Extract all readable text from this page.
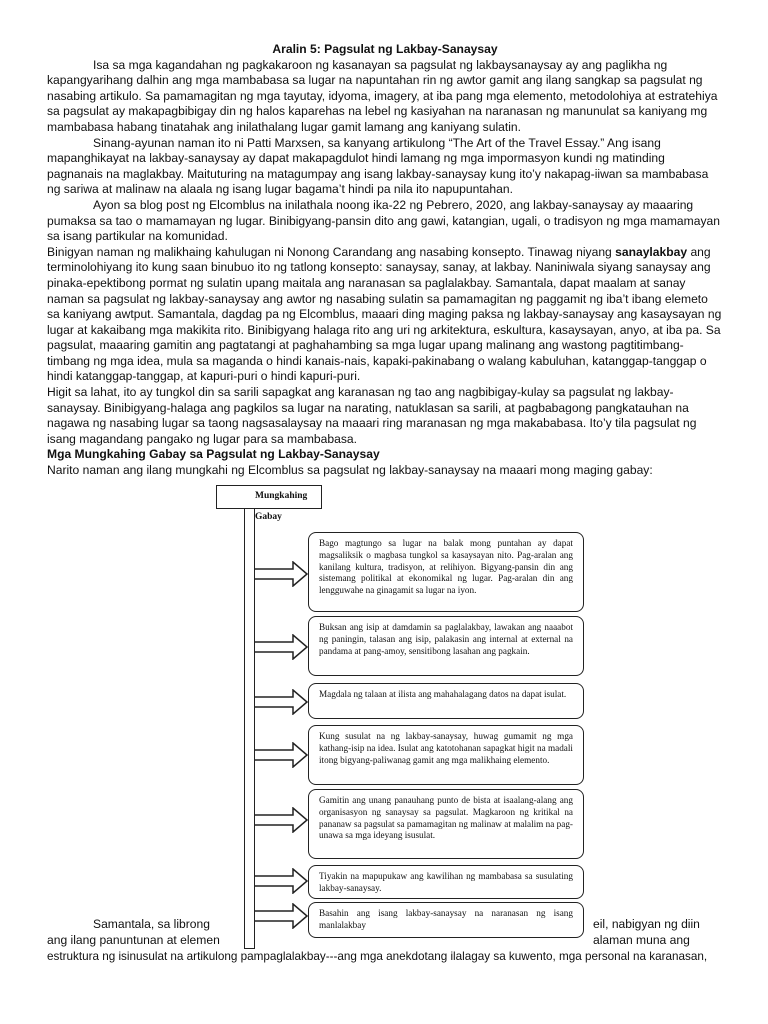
Aralin 5: Pagsulat ng Lakbay-Sanaysay

Isa sa mga kagandahan ng pagkakaroon ng kasanayan sa pagsulat ng lakbaysanaysay ay ang paglikha ng kapangyarihang dalhin ang mga mambabasa sa lugar na napuntahan rin ng awtor gamit ang ilang sangkap sa pagsulat ng nasabing artikulo. Sa pamamagitan ng mga tayutay, idyoma, imagery, at iba pang mga elemento, metodolohiya at estratehiya sa pagsulat ay makapagbibigay din ng halos kaparehas na lebel ng kasiyahan na naranasan ng manunulat sa kaniyang mg mambabasa habang tinatahak ang inilathalang lugar gamit lamang ang kaniyang sulatin.

Sinang-ayunan naman ito ni Patti Marxsen, sa kanyang artikulong “The Art of the Travel Essay.” Ang isang mapanghikayat na lakbay-sanaysay ay dapat makapagdulot hindi lamang ng mga impormasyon kundi ng matinding pagnanais na maglakbay. Maituturing na matagumpay ang isang lakbay-sanaysay kung ito’y nakapag-iiwan sa mambabasa ng sariwa at malinaw na alaala ng isang lugar bagama’t hindi pa nila ito napupuntahan.

Ayon sa blog post ng Elcomblus na inilathala noong ika-22 ng Pebrero, 2020, ang lakbay-sanaysay ay maaaring pumaksa sa tao o mamamayan ng lugar. Binibigyang-pansin dito ang gawi, katangian, ugali, o tradisyon ng mga mamamayan sa isang partikular na komunidad.

Binigyan naman ng malikhaing kahulugan ni Nonong Carandang ang nasabing konsepto. Tinawag niyang sanaylakbay ang terminolohiyang ito kung saan binubuo ito ng tatlong konsepto: sanaysay, sanay, at lakbay. Naniniwala siyang sanaysay ang pinaka-epektibong pormat ng sulatin upang maitala ang naranasan sa paglalakbay. Samantala, dapat maalam at sanay naman sa pagsulat ng lakbay-sanaysay ang awtor ng nasabing sulatin sa pamamagitan ng paggamit ng iba’t ibang elemeto sa kaniyang awtput. Samantala, dagdag pa ng Elcomblus, maaari ding maging paksa ng lakbay-sanaysay ang kasaysayan ng lugar at kakaibang mga makikita rito. Binibigyang halaga rito ang uri ng arkitektura, eskultura, kasaysayan, anyo, at iba pa. Sa pagsulat, maaaring gamitin ang pagtatangi at paghahambing sa mga lugar upang malinang ang wastong pagtitimbang-timbang ng mga idea, mula sa maganda o hindi kanais-nais, kapaki-pakinabang o walang kabuluhan, katanggap-tanggap o hindi katanggap-tanggap, at kapuri-puri o hindi kapuri-puri.

Higit sa lahat, ito ay tungkol din sa sarili sapagkat ang karanasan ng tao ang nagbibigay-kulay sa pagsulat ng lakbay-sanaysay. Binibigyang-halaga ang pagkilos sa lugar na narating, natuklasan sa sarili, at pagbabagong pangkatauhan na nagawa ng nasabing lugar sa taong nagsasalaysay na maaari ring maranasan ng mga makababasa. Ito’y tila pagsulat ng isang magandang pangako ng lugar para sa mambabasa.

Mga Mungkahing Gabay sa Pagsulat ng Lakbay-Sanaysay

Narito naman ang ilang mungkahi ng Elcomblus sa pagsulat ng lakbay-sanaysay na maaari mong maging gabay:

Mungkahing Gabay
Bago magtungo sa lugar na balak mong puntahan ay dapat magsaliksik o magbasa tungkol sa kasaysayan nito. Pag-aralan ang kanilang kultura, tradisyon, at relihiyon. Bigyang-pansin din ang sistemang politikal at ekonomikal ng lugar. Pag-aralan din ang lengguwahe na ginagamit sa lugar na iyon.
Buksan ang isip at damdamin sa paglalakbay, lawakan ang naaabot ng paningin, talasan ang isip, palakasin ang internal at external na pandama at pang-amoy, sensitibong lasahan ang pagkain.
Magdala ng talaan at ilista ang mahahalagang datos na dapat isulat.
Kung susulat na ng lakbay-sanaysay, huwag gumamit ng mga kathang-isip na idea. Isulat ang katotohanan sapagkat higit na madali itong bigyang-paliwanag gamit ang mga malikhaing elemento.
Gamitin ang unang panauhang punto de bista at isaalang-alang ang organisasyon ng sanaysay sa pagsulat. Magkaroon ng kritikal na pananaw sa pagsulat sa pamamagitan ng malinaw at malalim na pag-unawa sa mga ideyang isusulat.
Tiyakin na mapupukaw ang kawilihan ng mambabasa sa susulating lakbay-sanaysay.
Basahin ang isang lakbay-sanaysay na naranasan ng isang manlalakbay
Samantala, sa librong	eil, nabigyan ng diin
ang ilang panuntunan at elemen	alaman muna ang
estruktura ng isinusulat na artikulong pampaglalakbay---ang mga anekdotang ilalagay sa kuwento, mga personal na karanasan,
